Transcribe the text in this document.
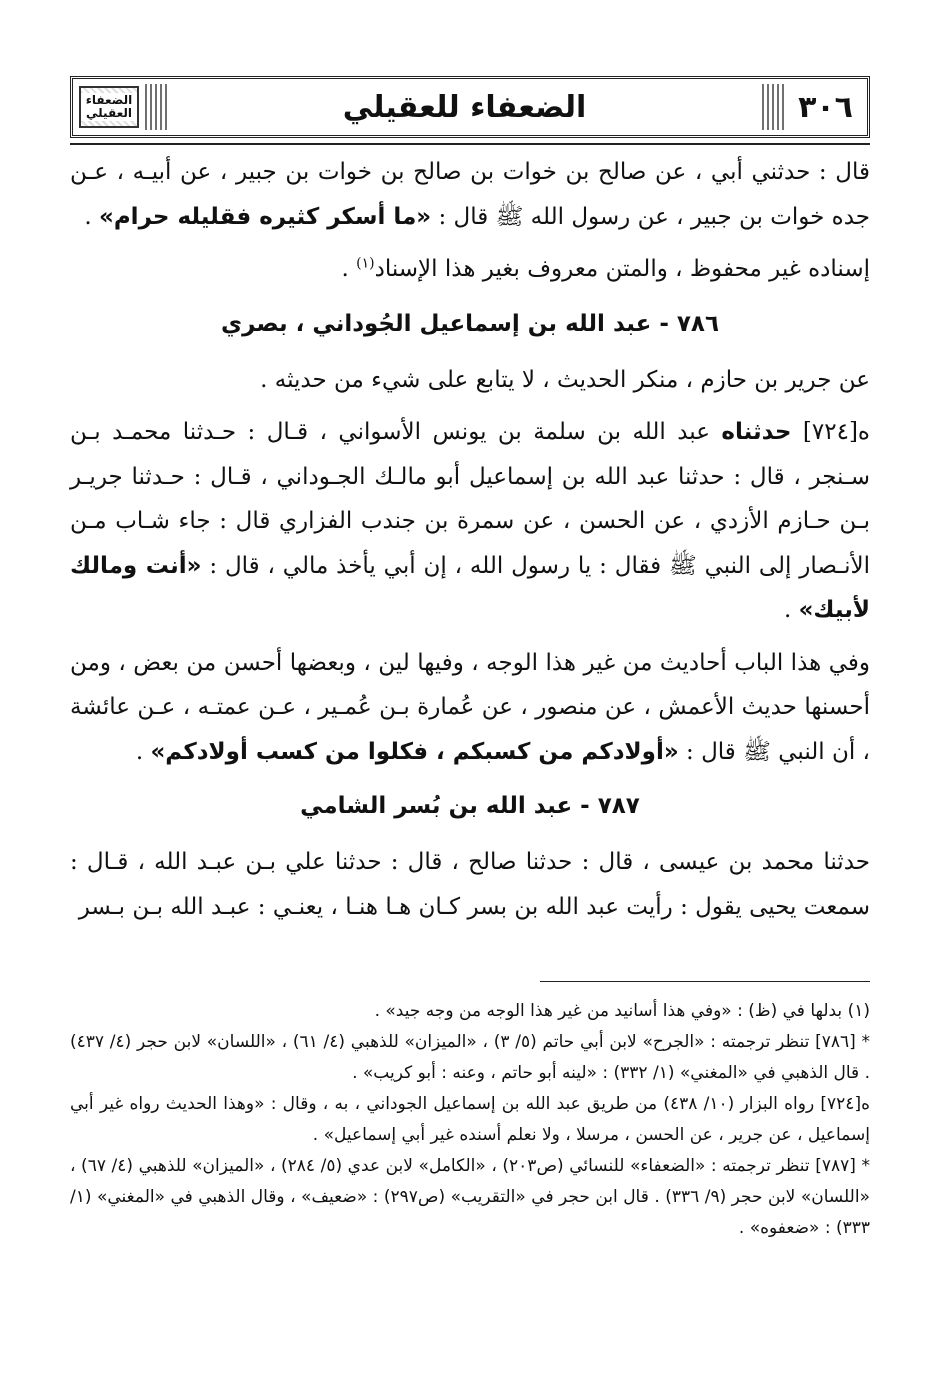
الضعفاء العقيلي	الضعفاء للعقيلي	٣٠٦

قال : حدثني أبي ، عن صالح بن خوات بن صالح بن خوات بن جبير ، عن أبيـه ، عـن جده خوات بن جبير ، عن رسول الله ﷺ قال : «ما أسكر كثيره فقليله حرام» .

إسناده غير محفوظ ، والمتن معروف بغير هذا الإسناد$^{(١)}$ .

٧٨٦ - عبد الله بن إسماعيل الجُوداني ، بصري

عن جرير بن حازم ، منكر الحديث ، لا يتابع على شيء من حديثه .

ه[٧٢٤] حدثناه عبد الله بن سلمة بن يونس الأسواني ، قـال : حـدثنا محمـد بـن سـنجر ، قال : حدثنا عبد الله بن إسماعيل أبو مالـك الجـوداني ، قـال : حـدثنا جريـر بـن حـازم الأزدي ، عن الحسن ، عن سمرة بن جندب الفزاري قال : جاء شـاب مـن الأنـصار إلى النبي ﷺ فقال : يا رسول الله ، إن أبي يأخذ مالي ، قال : «أنت ومالك لأبيك» .

وفي هذا الباب أحاديث من غير هذا الوجه ، وفيها لين ، وبعضها أحسن من بعض ، ومن أحسنها حديث الأعمش ، عن منصور ، عن عُمارة بـن عُمـير ، عـن عمتـه ، عـن عائشة ، أن النبي ﷺ قال : «أولادكم من كسبكم ، فكلوا من كسب أولادكم» .

٧٨٧ - عبد الله بن بُسر الشامي

حدثنا محمد بن عيسى ، قال : حدثنا صالح ، قال : حدثنا علي بـن عبـد الله ، قـال : سمعت يحيى يقول : رأيت عبد الله بن بسر كـان هـا هنـا ، يعنـي : عبـد الله بـن بـسر

(١) بدلها في (ظ) : «وفي هذا أسانيد من غير هذا الوجه من وجه جيد» .

* [٧٨٦] تنظر ترجمته : «الجرح» لابن أبي حاتم (٥/ ٣) ، «الميزان» للذهبي (٤/ ٦١) ، «اللسان» لابن حجر (٤/ ٤٣٧) . قال الذهبي في «المغني» (١/ ٣٣٢) : «لينه أبو حاتم ، وعنه : أبو كريب» .

ه[٧٢٤] رواه البزار (١٠/ ٤٣٨) من طريق عبد الله بن إسماعيل الجوداني ، به ، وقال : «وهذا الحديث رواه غير أبي إسماعيل ، عن جرير ، عن الحسن ، مرسلا ، ولا نعلم أسنده غير أبي إسماعيل» .

* [٧٨٧] تنظر ترجمته : «الضعفاء» للنسائي (ص٢٠٣) ، «الكامل» لابن عدي (٥/ ٢٨٤) ، «الميزان» للذهبي (٤/ ٦٧) ، «اللسان» لابن حجر (٩/ ٣٣٦) . قال ابن حجر في «التقريب» (ص٢٩٧) : «ضعيف» ، وقال الذهبي في «المغني» (١/ ٣٣٣) : «ضعفوه» .
